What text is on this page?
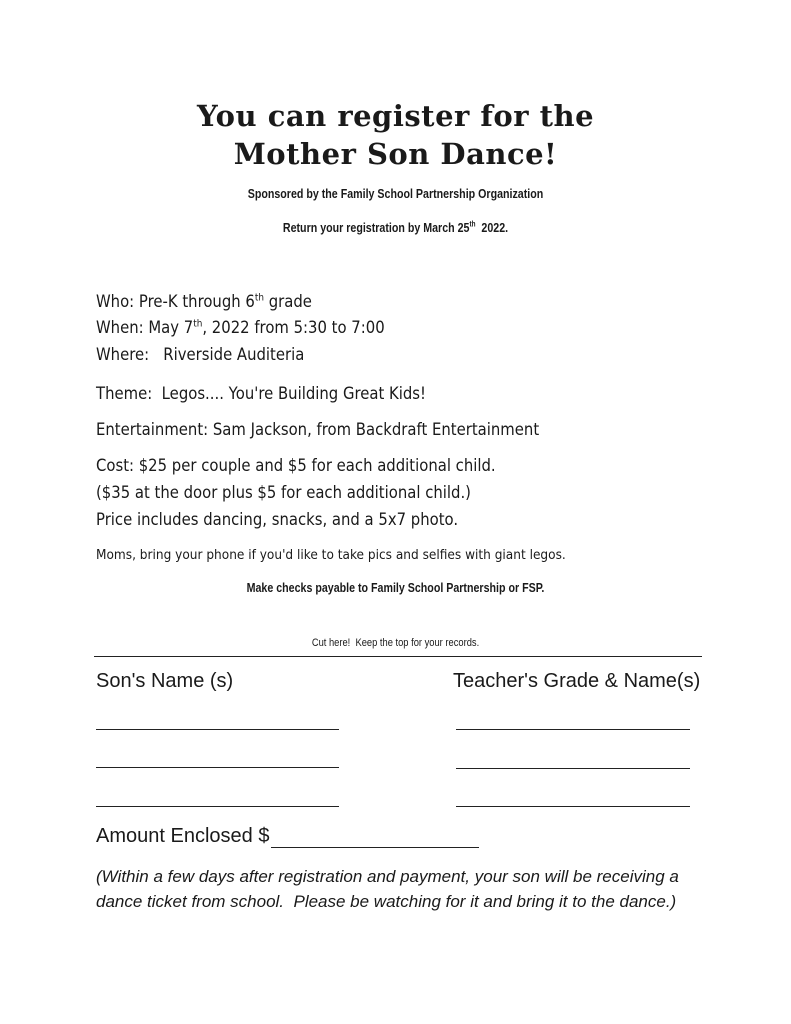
You can register for the
Mother Son Dance!
Sponsored by the Family School Partnership Organization
Return your registration by March 25th  2022.
Who: Pre-K through 6th grade
When: May 7th, 2022 from 5:30 to 7:00
Where:   Riverside Auditeria
Theme:  Legos.... You're Building Great Kids!
Entertainment: Sam Jackson, from Backdraft Entertainment
Cost: $25 per couple and $5 for each additional child.
($35 at the door plus $5 for each additional child.)
Price includes dancing, snacks, and a 5x7 photo.
Moms, bring your phone if you'd like to take pics and selfies with giant legos.
Make checks payable to Family School Partnership or FSP.
Cut here!  Keep the top for your records.
Son's Name (s)	Teacher's Grade & Name(s)
Amount Enclosed $
(Within a few days after registration and payment, your son will be receiving a
dance ticket from school.  Please be watching for it and bring it to the dance.)
